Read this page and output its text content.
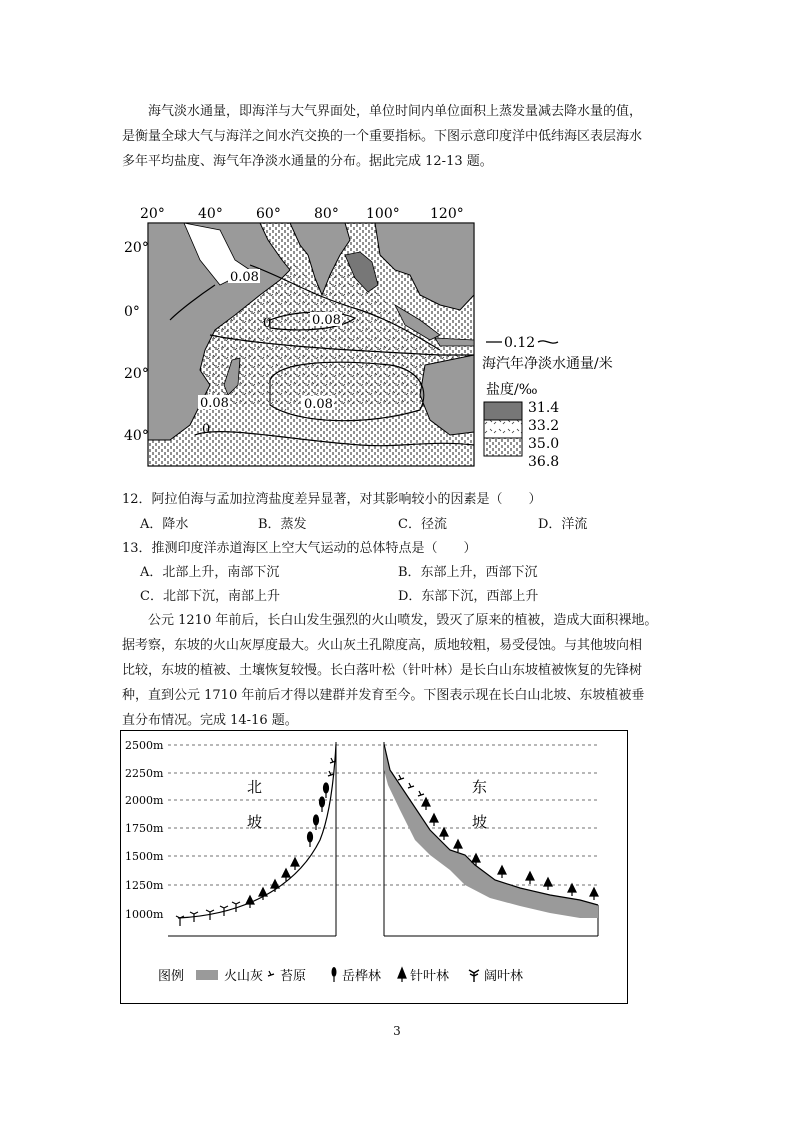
海气淡水通量，即海洋与大气界面处，单位时间内单位面积上蒸发量减去降水量的值，
是衡量全球大气与海洋之间水汽交换的一个重要指标。下图示意印度洋中低纬海区表层海水
多年平均盐度、海气年净淡水通量的分布。据此完成 12-13 题。
0.08
0.08
0.08	0.08
0
0
20° 40° 60° 80° 100° 120°
20°
0°
20°
40°
0.12
海汽年净淡水通量/米
盐度/‰
31.4
33.2
35.0
36.8
12．阿拉伯海与孟加拉湾盐度差异显著，对其影响较小的因素是（　　）
A．降水	B．蒸发	C．径流	D．洋流
13．推测印度洋赤道海区上空大气运动的总体特点是（　　）
A．北部上升，南部下沉	B．东部上升，西部下沉
C．北部下沉，南部上升	D．东部下沉，西部上升
公元 1210 年前后，长白山发生强烈的火山喷发，毁灭了原来的植被，造成大面积裸地。
据考察，东坡的火山灰厚度最大。火山灰土孔隙度高，质地较粗，易受侵蚀。与其他坡向相
比较，东坡的植被、土壤恢复较慢。长白落叶松（针叶林）是长白山东坡植被恢复的先锋树
种，直到公元 1710 年前后才得以建群并发育至今。下图表示现在长白山北坡、东坡植被垂
直分布情况。完成 14-16 题。
2500m
2250m
2000m
1750m
1500m
1250m
1000m
北
坡
东
坡
图例	火山灰 苔原	岳桦林 针叶林	阔叶林
3
